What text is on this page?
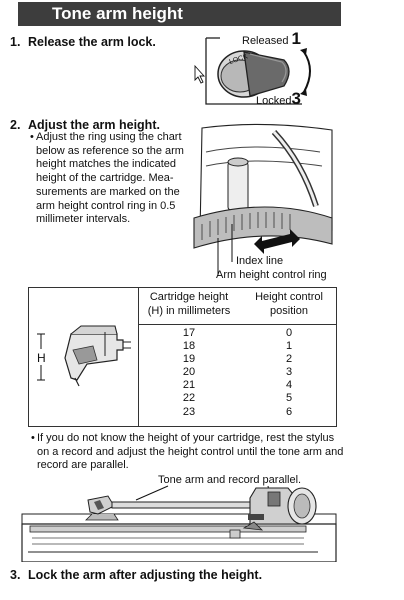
Tone arm height
1. Release the arm lock.
LOCK
Released 1
Locked3
2. Adjust the arm height.
• Adjust the ring using the chart
below as reference so the arm
height matches the indicated
height of the cartridge. Mea-
surements are marked on the
arm height control ring in 0.5
millimeter intervals.
Index line
Arm height control ring
H
Cartridge height
(H) in millimeters
Height control
position
17
18
19
20
21
22
23
0
1
2
3
4
5
6
• If you do not know the height of your cartridge, rest the stylus on a record and adjust the height control until the tone arm and record are parallel.
Tone arm and record parallel.
3. Lock the arm after adjusting the height.
